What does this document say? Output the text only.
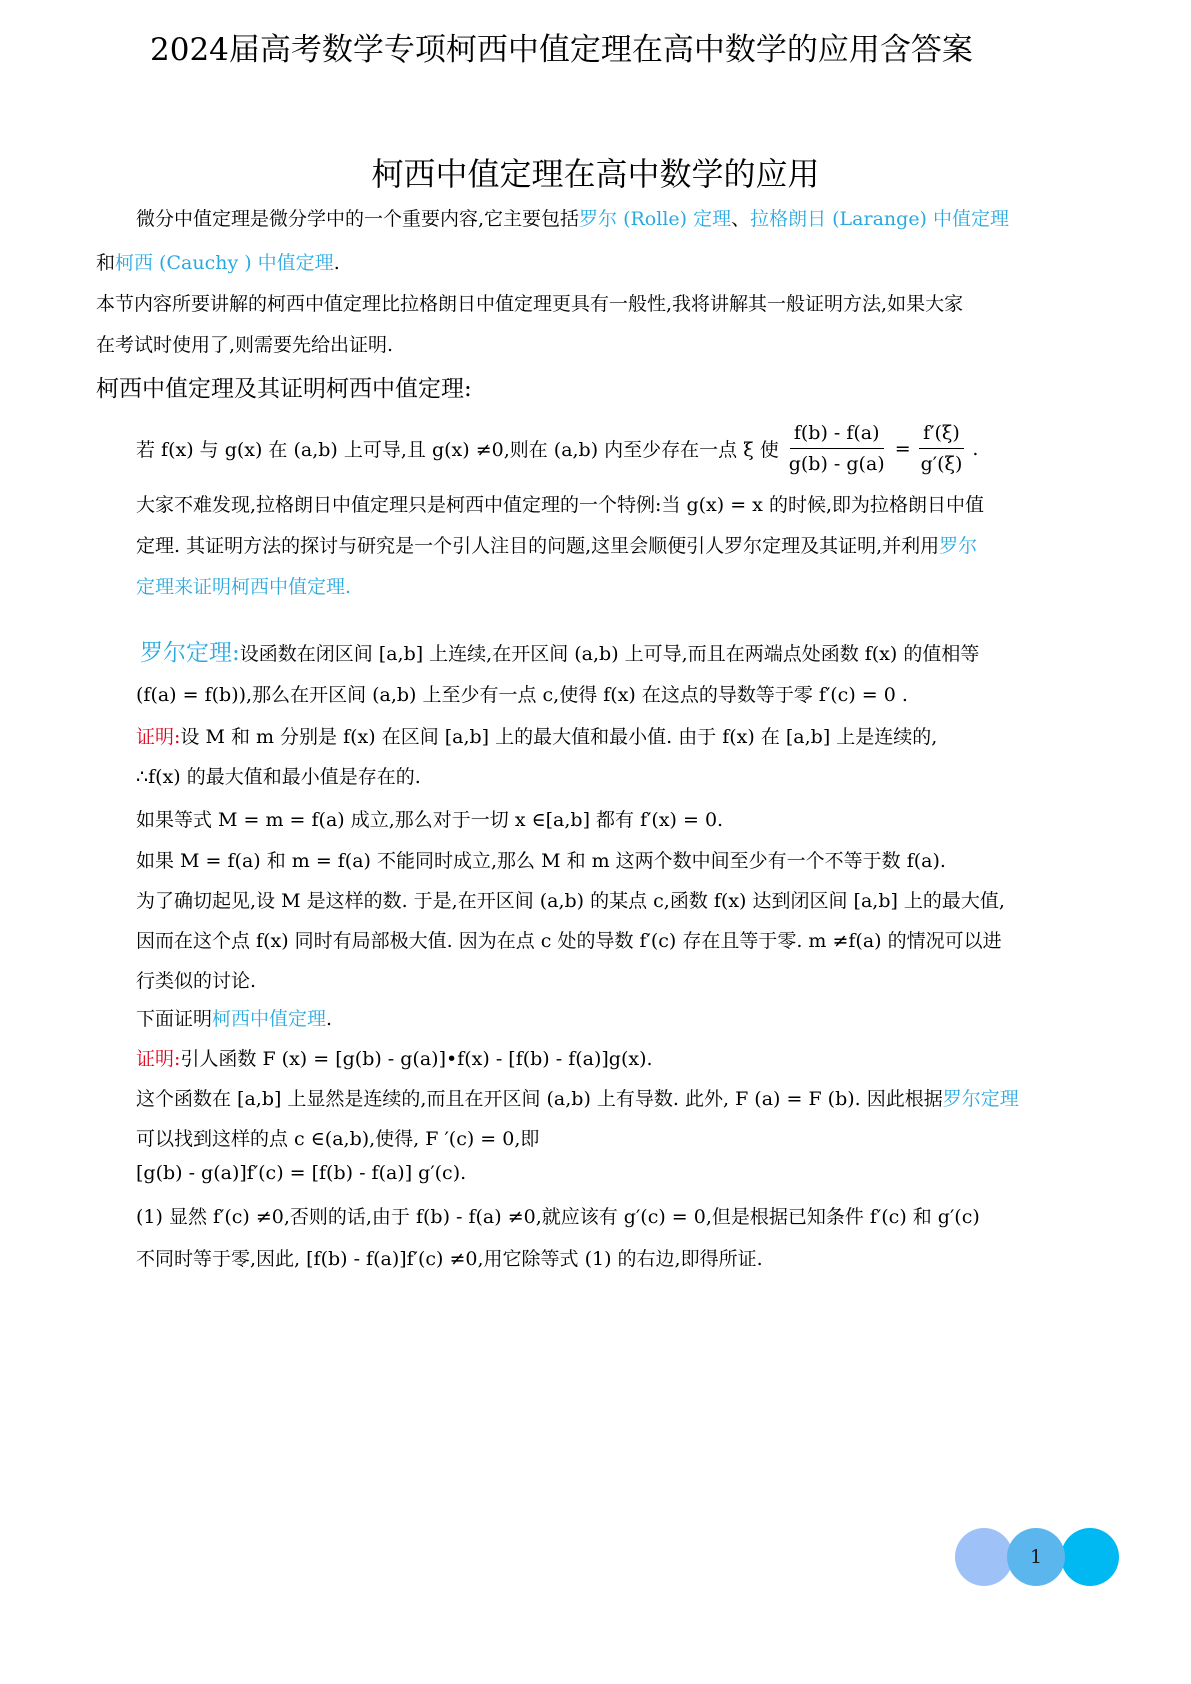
2024届高考数学专项柯西中值定理在高中数学的应用含答案
柯西中值定理在高中数学的应用
微分中值定理是微分学中的一个重要内容,它主要包括罗尔 (Rolle) 定理、拉格朗日 (Larange) 中值定理
和柯西 (Cauchy ) 中值定理.
本节内容所要讲解的柯西中值定理比拉格朗日中值定理更具有一般性,我将讲解其一般证明方法,如果大家
在考试时使用了,则需要先给出证明.
柯西中值定理及其证明柯西中值定理:
若 f(x) 与 g(x) 在 (a,b) 上可导,且 g(x) ≠0,则在 (a,b) 内至少存在一点 ξ 使 $\frac{f(b) - f(a)}{g(b) - g(a)} = \frac{f'(\xi)}{g'(\xi)}$ .
大家不难发现,拉格朗日中值定理只是柯西中值定理的一个特例:当 g(x) = x 的时候,即为拉格朗日中值
定理. 其证明方法的探讨与研究是一个引人注目的问题,这里会顺便引人罗尔定理及其证明,并利用罗尔
定理来证明柯西中值定理.
罗尔定理: 设函数在闭区间 [a,b] 上连续,在开区间 (a,b) 上可导,而且在两端点处函数 f(x) 的值相等
(f(a) = f(b)),那么在开区间 (a,b) 上至少有一点 c,使得 f(x) 在这点的导数等于零 f′(c) = 0 .
证明:设 M 和 m 分别是 f(x) 在区间 [a,b] 上的最大值和最小值. 由于 f(x) 在 [a,b] 上是连续的,
∴f(x) 的最大值和最小值是存在的.
如果等式 M = m = f(a) 成立,那么对于一切 x ∈[a,b] 都有 f′(x) = 0.
如果 M = f(a) 和 m = f(a) 不能同时成立,那么 M 和 m 这两个数中间至少有一个不等于数 f(a).
为了确切起见,设 M 是这样的数. 于是,在开区间 (a,b) 的某点 c,函数 f(x) 达到闭区间 [a,b] 上的最大值,
因而在这个点 f(x) 同时有局部极大值. 因为在点 c 处的导数 f′(c) 存在且等于零. m ≠f(a) 的情况可以进
行类似的讨论.
下面证明柯西中值定理.
证明:引人函数 F (x) = [g(b) - g(a)]•f(x) - [f(b) - f(a)]g(x).
这个函数在 [a,b] 上显然是连续的,而且在开区间 (a,b) 上有导数. 此外, F (a) = F (b). 因此根据罗尔定理
可以找到这样的点 c ∈(a,b),使得, F ′(c) = 0,即
[g(b) - g(a)]f′(c) = [f(b) - f(a)] g′(c).
(1) 显然 f′(c) ≠0,否则的话,由于 f(b) - f(a) ≠0,就应该有 g′(c) = 0,但是根据已知条件 f′(c) 和 g′(c)
不同时等于零,因此, [f(b) - f(a)]f′(c) ≠0,用它除等式 (1) 的右边,即得所证.
1
